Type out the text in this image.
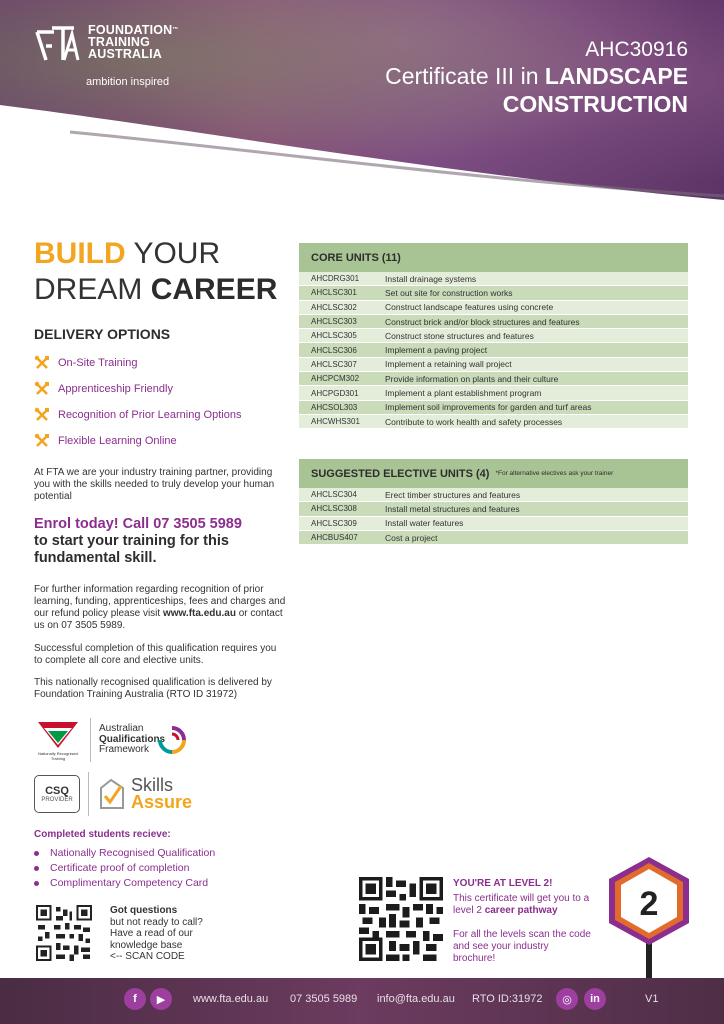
FOUNDATION™
TRAINING
AUSTRALIA
ambition inspired
AHC30916
Certificate III in LANDSCAPE
CONSTRUCTION
BUILD YOUR
DREAM CAREER
DELIVERY OPTIONS
On-Site Training
Apprenticeship Friendly
Recognition of Prior Learning Options
Flexible Learning Online
At FTA we are your industry training partner, providing you with the skills needed to truly develop your human potential
Enrol today! Call 07 3505 5989
to start your training for this fundamental skill.
For further information regarding recognition of prior learning, funding, apprenticeships, fees and charges and our refund policy please visit www.fta.edu.au or contact us on 07 3505 5989.
Successful completion of this qualification requires you to complete all core and elective units.
This nationally recognised qualification is delivered by Foundation Training Australia (RTO ID 31972)
Nationally Recognised
Training
Australian
Qualifications
Framework
CSQ
PROVIDER
Skills
Assure
Completed students recieve:
Nationally Recognised Qualification
Certificate proof of completion
Complimentary Competency Card
Got questions
but not ready to call? Have a read of our knowledge base
<-- SCAN CODE
CORE UNITS (11)
AHCDRG301	Install drainage systems
AHCLSC301	Set out site for construction works
AHCLSC302	Construct landscape features using concrete
AHCLSC303	Construct brick and/or block structures and features
AHCLSC305	Construct stone structures and features
AHCLSC306	Implement a paving project
AHCLSC307	Implement a retaining wall project
AHCPCM302	Provide information on plants and their culture
AHCPGD301	Implement a plant establishment program
AHCSOL303	Implement soil improvements for garden and turf areas
AHCWHS301	Contribute to work health and safety processes
SUGGESTED ELECTIVE UNITS (4) *For alternative electives ask your trainer
AHCLSC304	Erect timber structures and features
AHCLSC308	Install metal structures and features
AHCLSC309	Install water features
AHCBUS407	Cost a project
YOU'RE AT LEVEL 2!
This certificate will get you to a level 2 career pathway
For all the levels scan the code and see your industry brochure!
2
f	▶	www.fta.edu.au 07 3505 5989 info@fta.edu.au RTO ID:31972	◎	in	V1
